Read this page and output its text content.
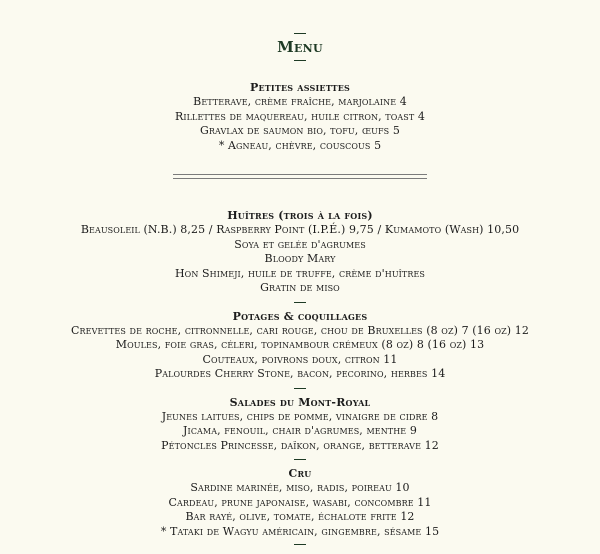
Menu
Petites assiettes
Betterave, crème fraîche, marjolaine 4
Rillettes de maquereau, huile citron, toast 4
Gravlax de saumon bio, tofu, œufs 5
* Agneau, chèvre, couscous 5
Huîtres (trois à la fois)
Beausoleil (N.B.) 8,25 / Raspberry Point (I.P.É.) 9,75 / Kumamoto (Wash) 10,50
Soya et gelée d'agrumes
Bloody Mary
Hon Shimeji, huile de truffe, crème d'huîtres
Gratin de miso
Potages & coquillages
Crevettes de roche, citronnelle, cari rouge, chou de Bruxelles (8 oz) 7 (16 oz) 12
Moules, foie gras, céleri, topinambour crémeux (8 oz) 8 (16 oz) 13
Couteaux, poivrons doux, citron 11
Palourdes Cherry Stone, bacon, pecorino, herbes 14
Salades du Mont-Royal
Jeunes laitues, chips de pomme, vinaigre de cidre 8
Jicama, fenouil, chair d'agrumes, menthe 9
Pétoncles Princesse, daïkon, orange, betterave 12
Cru
Sardine marinée, miso, radis, poireau 10
Cardeau, prune japonaise, wasabi, concombre 11
Bar rayé, olive, tomate, échalote frite 12
* Tataki de Wagyu américain, gingembre, sésame 15
